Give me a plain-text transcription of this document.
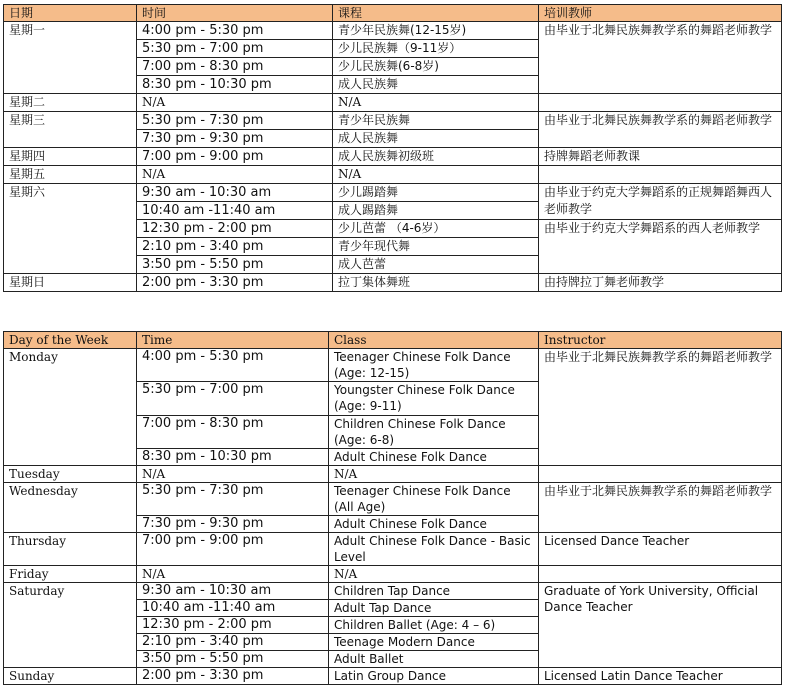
日期	时间	课程	培训教师
星期一	4:00 pm - 5:30 pm	青少年民族舞(12-15岁)	由毕业于北舞民族舞教学系的舞蹈老师教学
	5:30 pm - 7:00 pm	少儿民族舞（9-11岁）	
	7:00 pm - 8:30 pm	少儿民族舞(6-8岁)	
	8:30 pm - 10:30 pm	成人民族舞	
星期二	N/A	N/A	
星期三	5:30 pm - 7:30 pm	青少年民族舞	由毕业于北舞民族舞教学系的舞蹈老师教学
	7:30 pm - 9:30 pm	成人民族舞	
星期四	7:00 pm - 9:00 pm	成人民族舞初级班	持牌舞蹈老师教课
星期五	N/A	N/A	
星期六	9:30 am - 10:30 am	少儿踢踏舞	由毕业于约克大学舞蹈系的正规舞蹈舞西人老师教学
	10:40 am -11:40 am	成人踢踏舞	
	12:30 pm - 2:00 pm	少儿芭蕾 （4-6岁）	由毕业于约克大学舞蹈系的西人老师教学
	2:10 pm - 3:40 pm	青少年现代舞	
	3:50 pm - 5:50 pm	成人芭蕾	
星期日	2:00 pm - 3:30 pm	拉丁集体舞班	由持牌拉丁舞老师教学
Day of the Week	Time	Class	Instructor
Monday	4:00 pm - 5:30 pm	Teenager Chinese Folk Dance (Age: 12-15)	由毕业于北舞民族舞教学系的舞蹈老师教学
	5:30 pm - 7:00 pm	Youngster Chinese Folk Dance (Age: 9-11)	
	7:00 pm - 8:30 pm	Children Chinese Folk Dance (Age: 6-8)	
	8:30 pm - 10:30 pm	Adult Chinese Folk Dance	
Tuesday	N/A	N/A	
Wednesday	5:30 pm - 7:30 pm	Teenager Chinese Folk Dance (All Age)	由毕业于北舞民族舞教学系的舞蹈老师教学
	7:30 pm - 9:30 pm	Adult Chinese Folk Dance	
Thursday	7:00 pm - 9:00 pm	Adult Chinese Folk Dance - Basic Level	Licensed Dance Teacher
Friday	N/A	N/A	
Saturday	9:30 am - 10:30 am	Children Tap Dance	Graduate of York University, Official Dance Teacher
	10:40 am -11:40 am	Adult Tap Dance	
	12:30 pm - 2:00 pm	Children Ballet (Age: 4 – 6)	
	2:10 pm - 3:40 pm	Teenage Modern Dance	
	3:50 pm - 5:50 pm	Adult Ballet	
Sunday	2:00 pm - 3:30 pm	Latin Group Dance	Licensed Latin Dance Teacher
